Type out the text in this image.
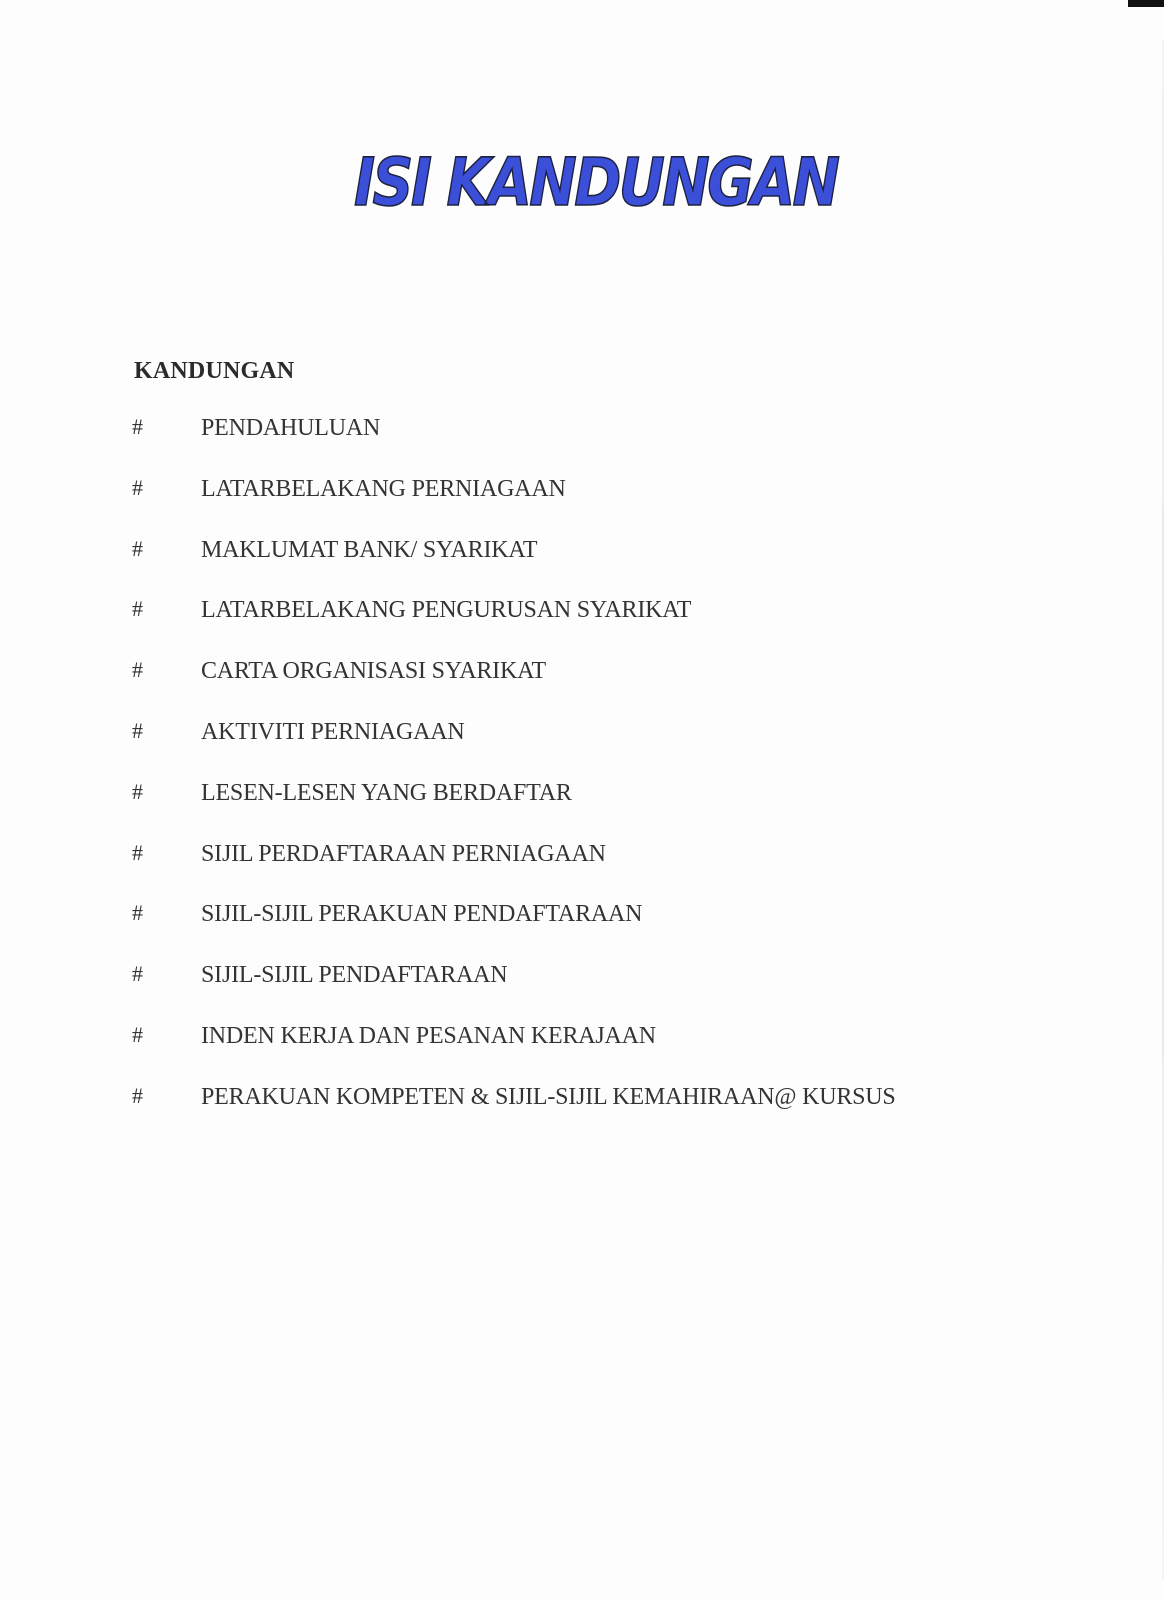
ISI KANDUNGAN
KANDUNGAN
# PENDAHULUAN
# LATARBELAKANG PERNIAGAAN
# MAKLUMAT BANK/ SYARIKAT
# LATARBELAKANG PENGURUSAN SYARIKAT
# CARTA ORGANISASI SYARIKAT
# AKTIVITI PERNIAGAAN
# LESEN-LESEN YANG BERDAFTAR
# SIJIL PERDAFTARAAN PERNIAGAAN
# SIJIL-SIJIL PERAKUAN PENDAFTARAAN
# SIJIL-SIJIL PENDAFTARAAN
# INDEN KERJA DAN PESANAN KERAJAAN
# PERAKUAN KOMPETEN & SIJIL-SIJIL KEMAHIRAAN@ KURSUS
